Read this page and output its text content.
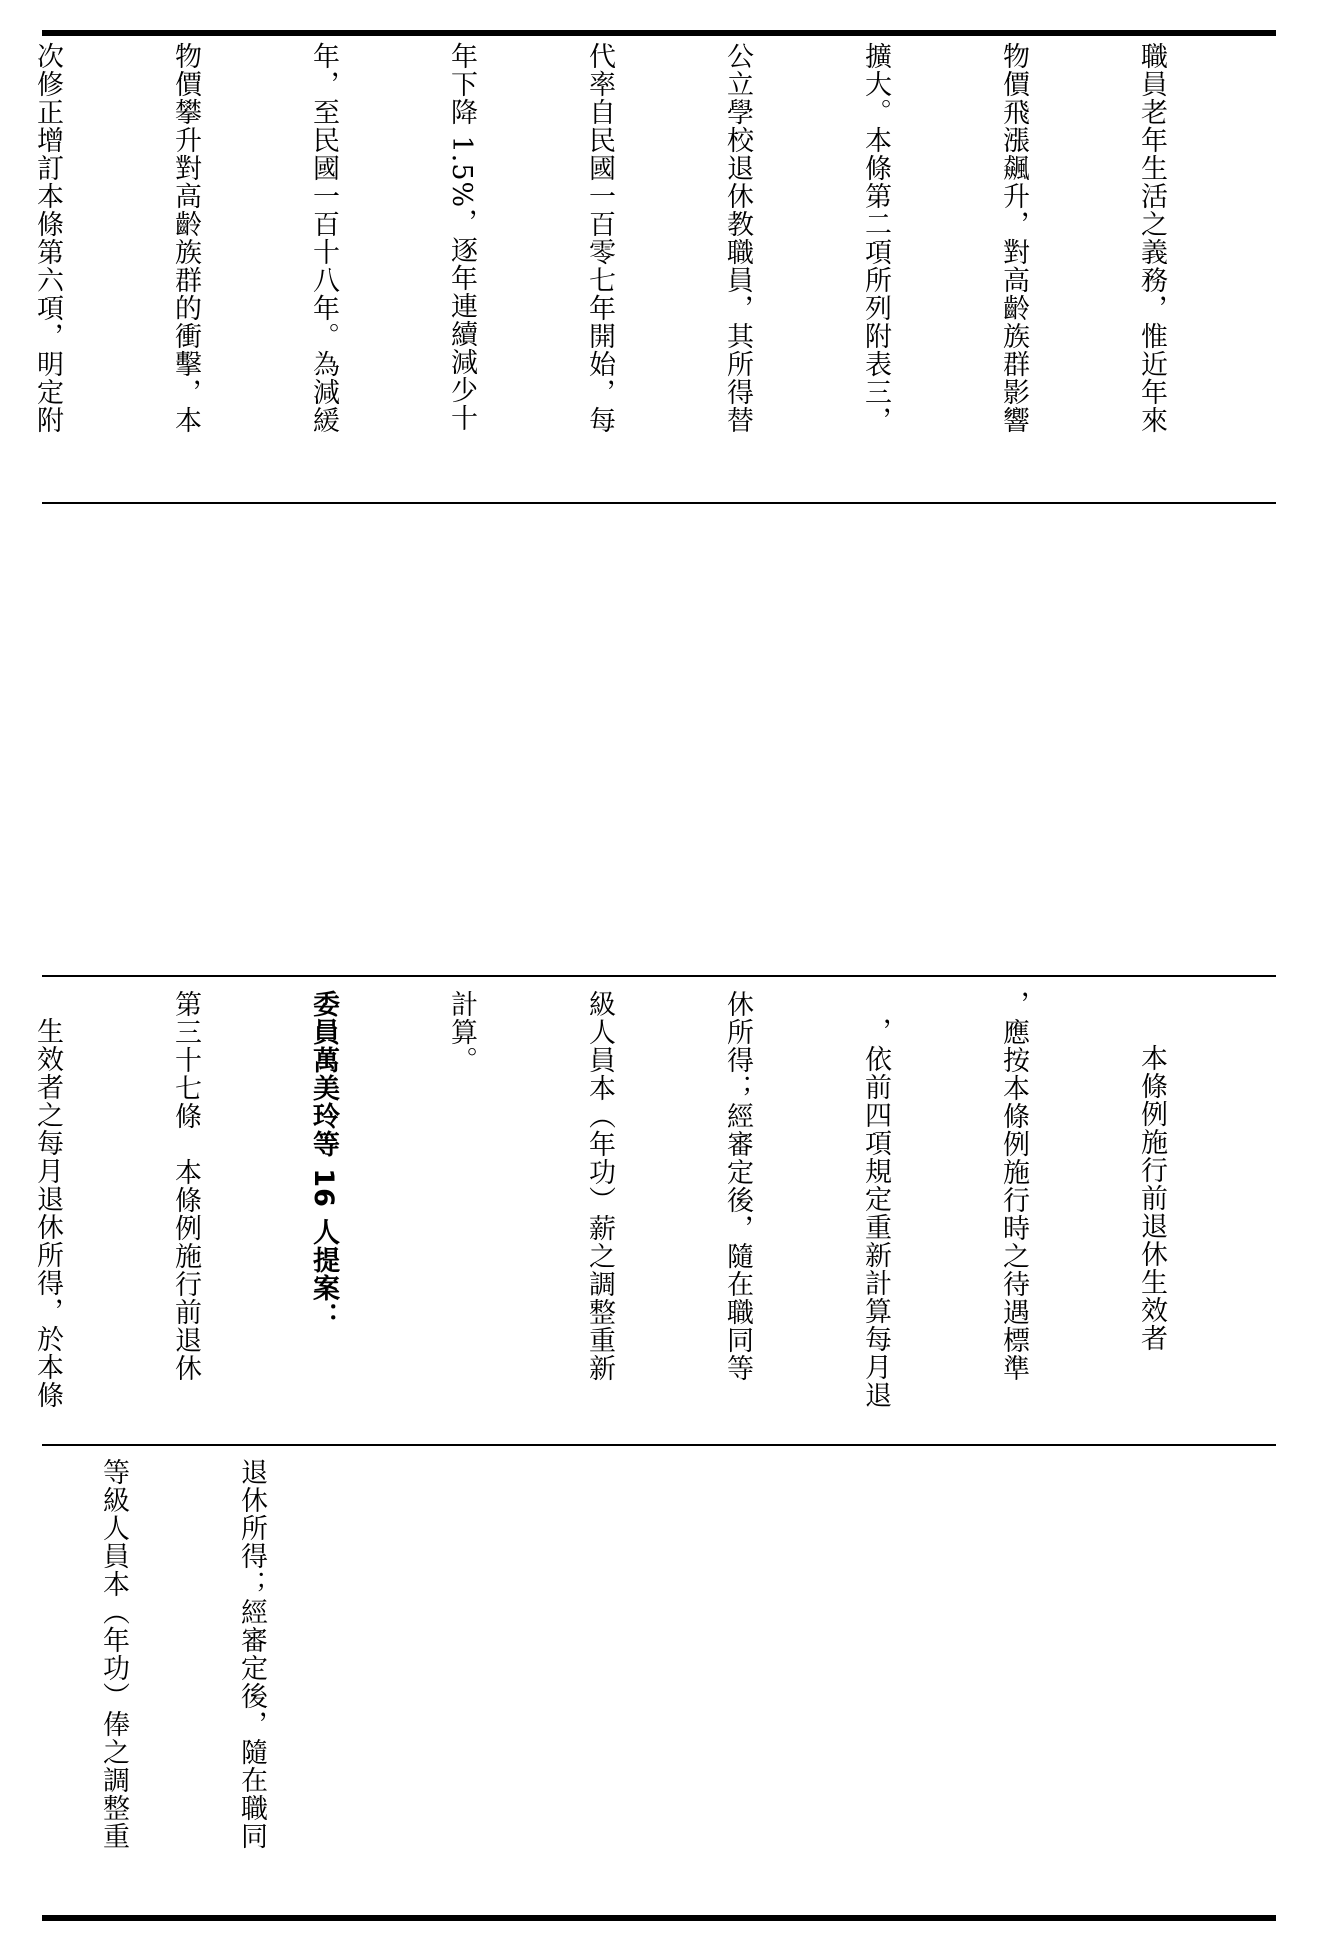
職員老年生活之義務，惟近年來

物價飛漲飆升，對高齡族群影響

擴大。本條第二項所列附表三，

公立學校退休教職員，其所得替

代率自民國一百零七年開始，每

年下降 1.5%，逐年連續減少十

年，至民國一百十八年。為減緩

物價攀升對高齡族群的衝擊，本

次修正增訂本條第六項，明定附

本條例施行前退休生效者

，應按本條例施行時之待遇標準

，依前四項規定重新計算每月退

休所得；經審定後，隨在職同等

級人員本（年功）薪之調整重新

計算。

委員萬美玲等 16 人提案：

第三十七條　本條例施行前退休

生效者之每月退休所得，於本條

退休所得；經審定後，隨在職同

等級人員本（年功）俸之調整重
